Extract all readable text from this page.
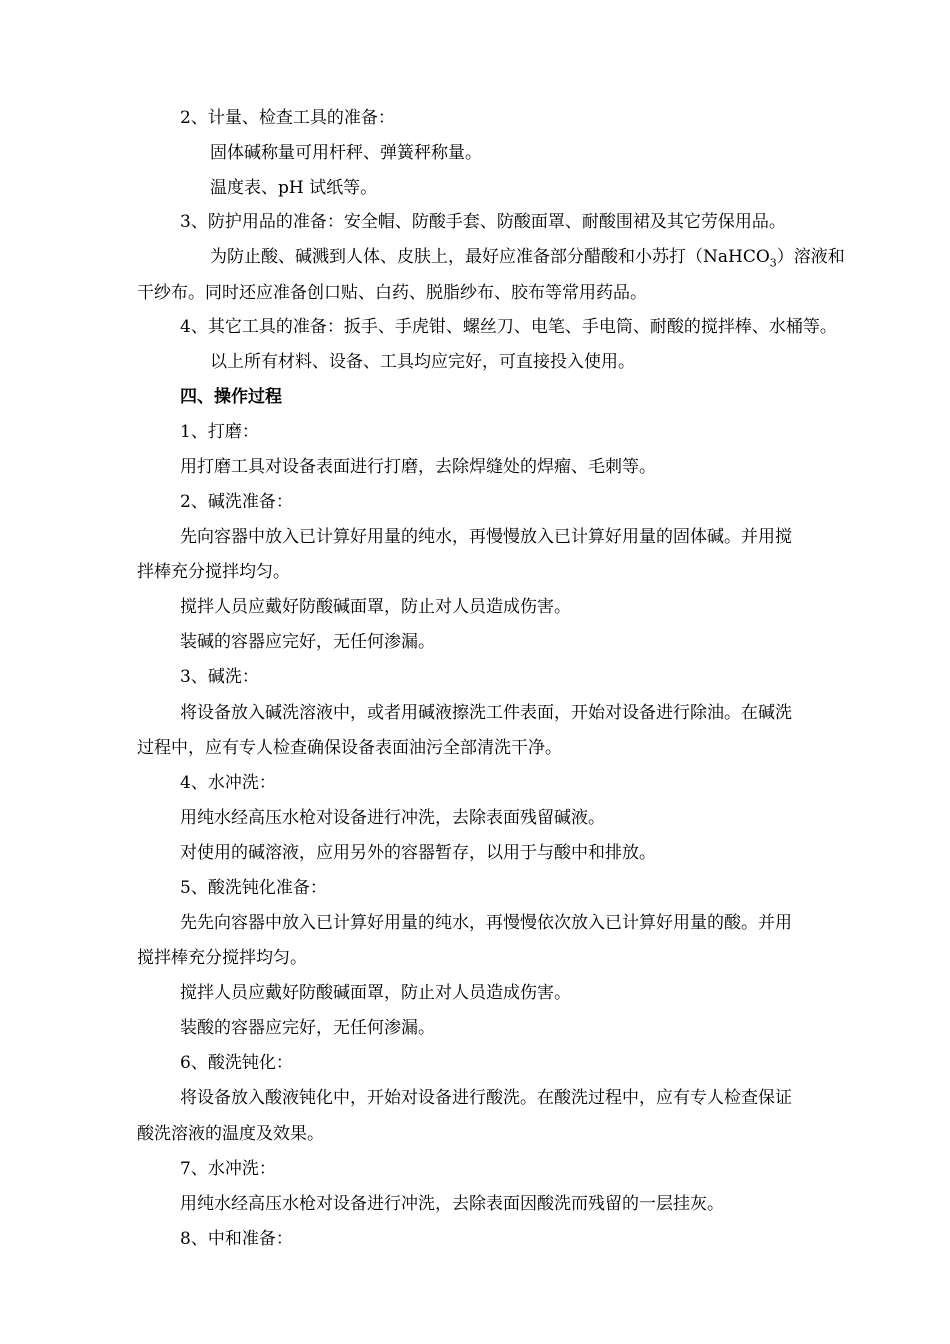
2、计量、检查工具的准备：
固体碱称量可用杆秤、弹簧秤称量。
温度表、pH 试纸等。
3、防护用品的准备：安全帽、防酸手套、防酸面罩、耐酸围裙及其它劳保用品。
为防止酸、碱溅到人体、皮肤上，最好应准备部分醋酸和小苏打（NaHCO$_3$）溶液和
干纱布。同时还应准备创口贴、白药、脱脂纱布、胶布等常用药品。
4、其它工具的准备：扳手、手虎钳、螺丝刀、电笔、手电筒、耐酸的搅拌棒、水桶等。
以上所有材料、设备、工具均应完好，可直接投入使用。
四、操作过程
1、打磨：
用打磨工具对设备表面进行打磨，去除焊缝处的焊瘤、毛刺等。
2、碱洗准备：
先向容器中放入已计算好用量的纯水，再慢慢放入已计算好用量的固体碱。并用搅
拌棒充分搅拌均匀。
搅拌人员应戴好防酸碱面罩，防止对人员造成伤害。
装碱的容器应完好，无任何渗漏。
3、碱洗：
将设备放入碱洗溶液中，或者用碱液擦洗工件表面，开始对设备进行除油。在碱洗
过程中，应有专人检查确保设备表面油污全部清洗干净。
4、水冲洗：
用纯水经高压水枪对设备进行冲洗，去除表面残留碱液。
对使用的碱溶液，应用另外的容器暂存，以用于与酸中和排放。
5、酸洗钝化准备：
先先向容器中放入已计算好用量的纯水，再慢慢依次放入已计算好用量的酸。并用
搅拌棒充分搅拌均匀。
搅拌人员应戴好防酸碱面罩，防止对人员造成伤害。
装酸的容器应完好，无任何渗漏。
6、酸洗钝化：
将设备放入酸液钝化中，开始对设备进行酸洗。在酸洗过程中，应有专人检查保证
酸洗溶液的温度及效果。
7、水冲洗：
用纯水经高压水枪对设备进行冲洗，去除表面因酸洗而残留的一层挂灰。
8、中和准备：
